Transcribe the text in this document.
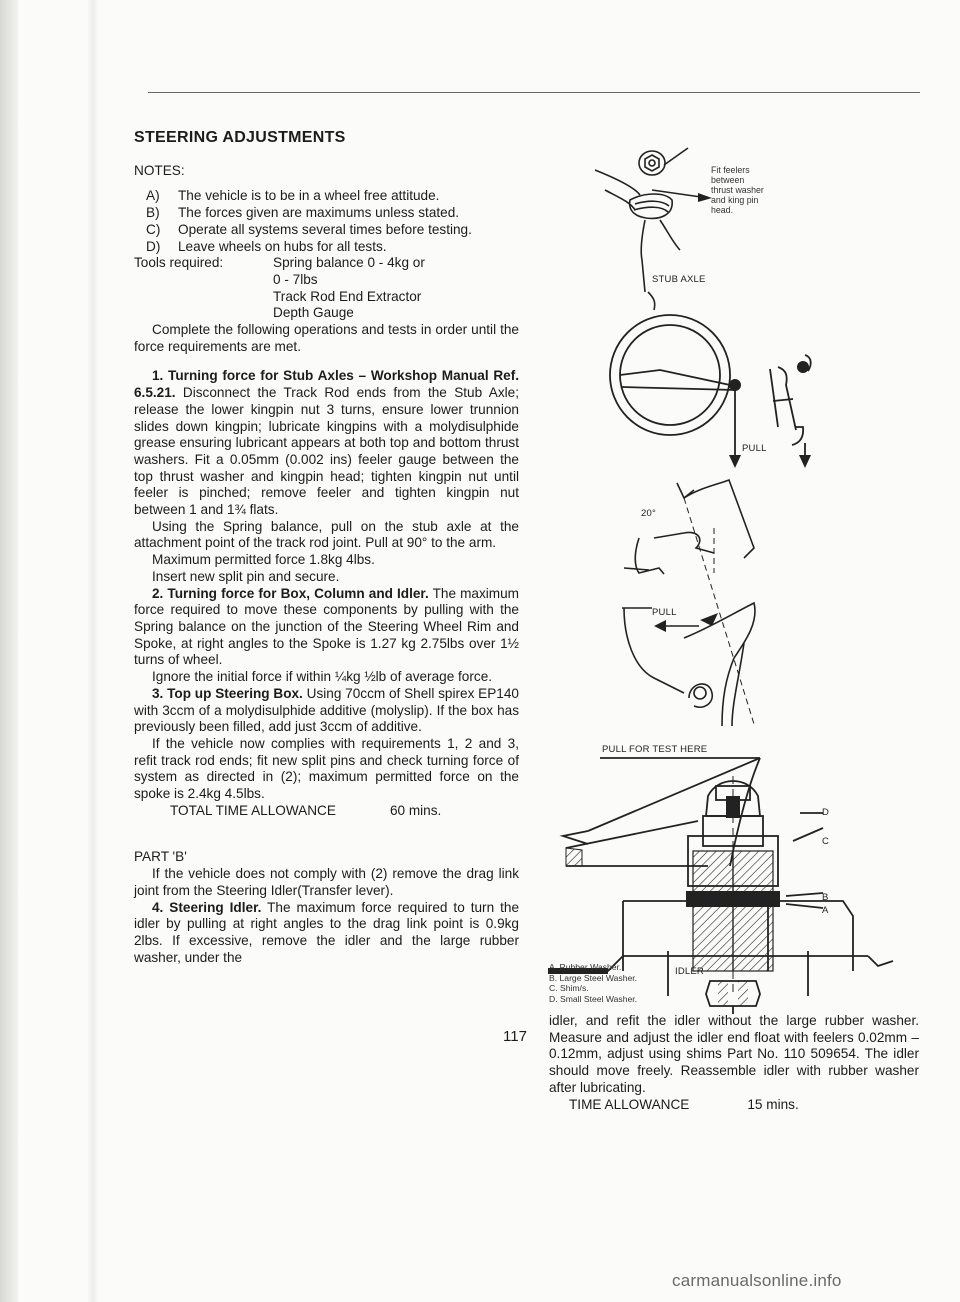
STEERING ADJUSTMENTS
NOTES:
A)	The vehicle is to be in a wheel free attitude.
B)	The forces given are maximums unless stated.
C)	Operate all systems several times before testing.
D)	Leave wheels on hubs for all tests.
Tools required:	Spring balance 0 - 4kg or
0 - 7lbs
Track Rod End Extractor
Depth Gauge

Complete the following operations and tests in order until the force requirements are met.

1. Turning force for Stub Axles – Workshop Manual Ref. 6.5.21. Disconnect the Track Rod ends from the Stub Axle; release the lower kingpin nut 3 turns, ensure lower trunnion slides down kingpin; lubricate kingpins with a molydisulphide grease ensuring lubricant appears at both top and bottom thrust washers. Fit a 0.05mm (0.002 ins) feeler gauge between the top thrust washer and kingpin head; tighten kingpin nut until feeler is pinched; remove feeler and tighten kingpin nut between 1 and 1¾ flats.

Using the Spring balance, pull on the stub axle at the attachment point of the track rod joint. Pull at 90° to the arm.

Maximum permitted force 1.8kg 4lbs.

Insert new split pin and secure.

2. Turning force for Box, Column and Idler. The maximum force required to move these components by pulling with the Spring balance on the junction of the Steering Wheel Rim and Spoke, at right angles to the Spoke is 1.27 kg 2.75lbs over 1½ turns of wheel.

Ignore the initial force if within ¼kg ½lb of average force.

3. Top up Steering Box. Using 70ccm of Shell spirex EP140 with 3ccm of a molydisulphide additive (molyslip). If the box has previously been filled, add just 3ccm of additive.

If the vehicle now complies with requirements 1, 2 and 3, refit track rod ends; fit new split pins and check turning force of system as directed in (2); maximum permitted force on the spoke is 2.4kg 4.5lbs.

TOTAL TIME ALLOWANCE	60 mins.
PART 'B'

If the vehicle does not comply with (2) remove the drag link joint from the Steering Idler(Transfer lever).

4. Steering Idler. The maximum force required to turn the idler by pulling at right angles to the drag link point is 0.9kg 2lbs. If excessive, remove the idler and the large rubber washer, under the

Fit feelers
between
thrust washer
and king pin
head.
STUB AXLE
PULL
20°
PULL
PULL FOR TEST HERE
D
C
B
A
IDLER
A. Rubber Washer.
B. Large Steel Washer.
C. Shim/s.
D. Small Steel Washer.

idler, and refit the idler without the large rubber washer. Measure and adjust the idler end float with feelers 0.02mm – 0.12mm, adjust using shims Part No. 110 509654. The idler should move freely. Reassemble idler with rubber washer after lubricating.

TIME ALLOWANCE	15 mins.
117
carmanualsonline.info
